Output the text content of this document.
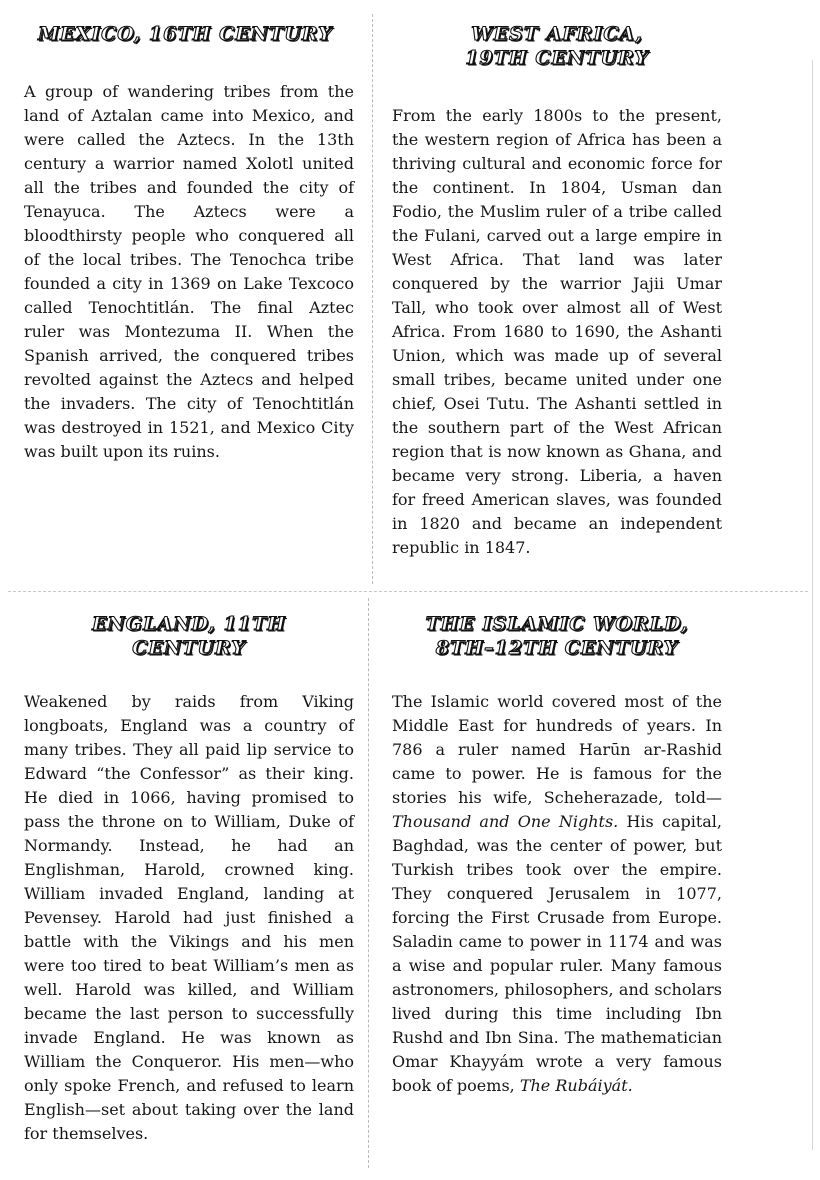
MEXICO, 16TH CENTURY

A group of wandering tribes from the land of Aztalan came into Mexico, and were called the Aztecs. In the 13th century a warrior named Xolotl united all the tribes and founded the city of Tenayuca. The Aztecs were a bloodthirsty people who conquered all of the local tribes. The Tenochca tribe founded a city in 1369 on Lake Texcoco called Tenochtitlán. The final Aztec ruler was Montezuma II. When the Spanish arrived, the conquered tribes revolted against the Aztecs and helped the invaders. The city of Tenochtitlán was destroyed in 1521, and Mexico City was built upon its ruins.

WEST AFRICA,
19TH CENTURY

From the early 1800s to the present, the western region of Africa has been a thriving cultural and economic force for the continent. In 1804, Usman dan Fodio, the Muslim ruler of a tribe called the Fulani, carved out a large empire in West Africa. That land was later conquered by the warrior Jajii Umar Tall, who took over almost all of West Africa. From 1680 to 1690, the Ashanti Union, which was made up of several small tribes, became united under one chief, Osei Tutu. The Ashanti settled in the southern part of the West African region that is now known as Ghana, and became very strong. Liberia, a haven for freed American slaves, was founded in 1820 and became an independent republic in 1847.

ENGLAND, 11TH
CENTURY

Weakened by raids from Viking longboats, England was a country of many tribes. They all paid lip service to Edward “the Confessor” as their king. He died in 1066, having promised to pass the throne on to William, Duke of Normandy. Instead, he had an Englishman, Harold, crowned king. William invaded England, landing at Pevensey. Harold had just finished a battle with the Vikings and his men were too tired to beat William’s men as well. Harold was killed, and William became the last person to successfully invade England. He was known as William the Conqueror. His men—who only spoke French, and refused to learn English—set about taking over the land for themselves.

THE ISLAMIC WORLD,
8TH–12TH CENTURY

The Islamic world covered most of the Middle East for hundreds of years. In 786 a ruler named Harūn ar-Rashid came to power. He is famous for the stories his wife, Scheherazade, told—Thousand and One Nights. His capital, Baghdad, was the center of power, but Turkish tribes took over the empire. They conquered Jerusalem in 1077, forcing the First Crusade from Europe. Saladin came to power in 1174 and was a wise and popular ruler. Many famous astronomers, philosophers, and scholars lived during this time including Ibn Rushd and Ibn Sina. The mathematician Omar Khayyám wrote a very famous book of poems, The Rubáiyát.
